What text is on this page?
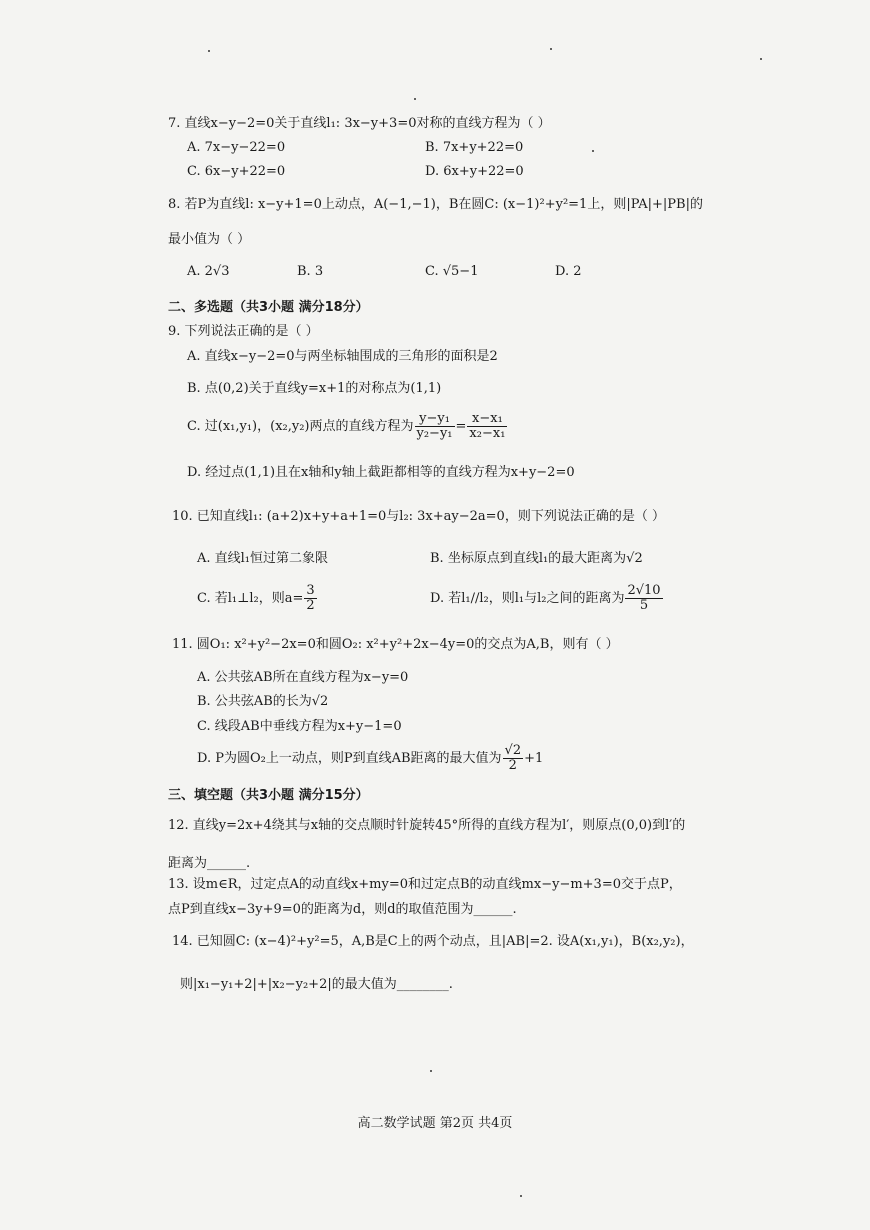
7. 直线x−y−2=0关于直线l₁: 3x−y+3=0对称的直线方程为（ ）
A. 7x−y−22=0	B. 7x+y+22=0
C. 6x−y+22=0	D. 6x+y+22=0
8. 若P为直线l: x−y+1=0上动点，A(−1,−1)，B在圆C: (x−1)²+y²=1上，则|PA|+|PB|的
最小值为（ ）
A. 2√3	B. 3	C. √5−1	D. 2
二、多选题（共3小题 满分18分）
9. 下列说法正确的是（ ）
A. 直线x−y−2=0与两坐标轴围成的三角形的面积是2
B. 点(0,2)关于直线y=x+1的对称点为(1,1)
C. 过(x₁,y₁)，(x₂,y₂)两点的直线方程为 $\frac{\text{y−y₁}}{\text{y₂−y₁}} = \frac{\text{x−x₁}}{\text{x₂−x₁}}$
D. 经过点(1,1)且在x轴和y轴上截距都相等的直线方程为x+y−2=0
10. 已知直线l₁: (a+2)x+y+a+1=0与l₂: 3x+ay−2a=0，则下列说法正确的是（ ）
A. 直线l₁恒过第二象限	B. 坐标原点到直线l₁的最大距离为√2
C. 若l₁⊥l₂，则$a= \frac{3}{2}$	D. 若l₁//l₂，则l₁与l₂之间的距离为 $\frac{2√10}{5}$
11. 圆O₁: x²+y²−2x=0和圆O₂: x²+y²+2x−4y=0的交点为A,B，则有（ ）
A. 公共弦AB所在直线方程为x−y=0
B. 公共弦AB的长为√2
C. 线段AB中垂线方程为x+y−1=0
D. P为圆O₂上一动点，则P到直线AB距离的最大值为 $\frac{√2}{2} +1$
三、填空题（共3小题 满分15分）
12. 直线y=2x+4绕其与x轴的交点顺时针旋转45°所得的直线方程为l′，则原点(0,0)到l′的
距离为______.
13. 设m∈R，过定点A的动直线x+my=0和过定点B的动直线mx−y−m+3=0交于点P，
点P到直线x−3y+9=0的距离为d，则d的取值范围为______.
14. 已知圆C: (x−4)²+y²=5，A,B是C上的两个动点，且|AB|=2. 设A(x₁,y₁)，B(x₂,y₂)，
则|x₁−y₁+2|+|x₂−y₂+2|的最大值为________.
高二数学试题 第2页 共4页
